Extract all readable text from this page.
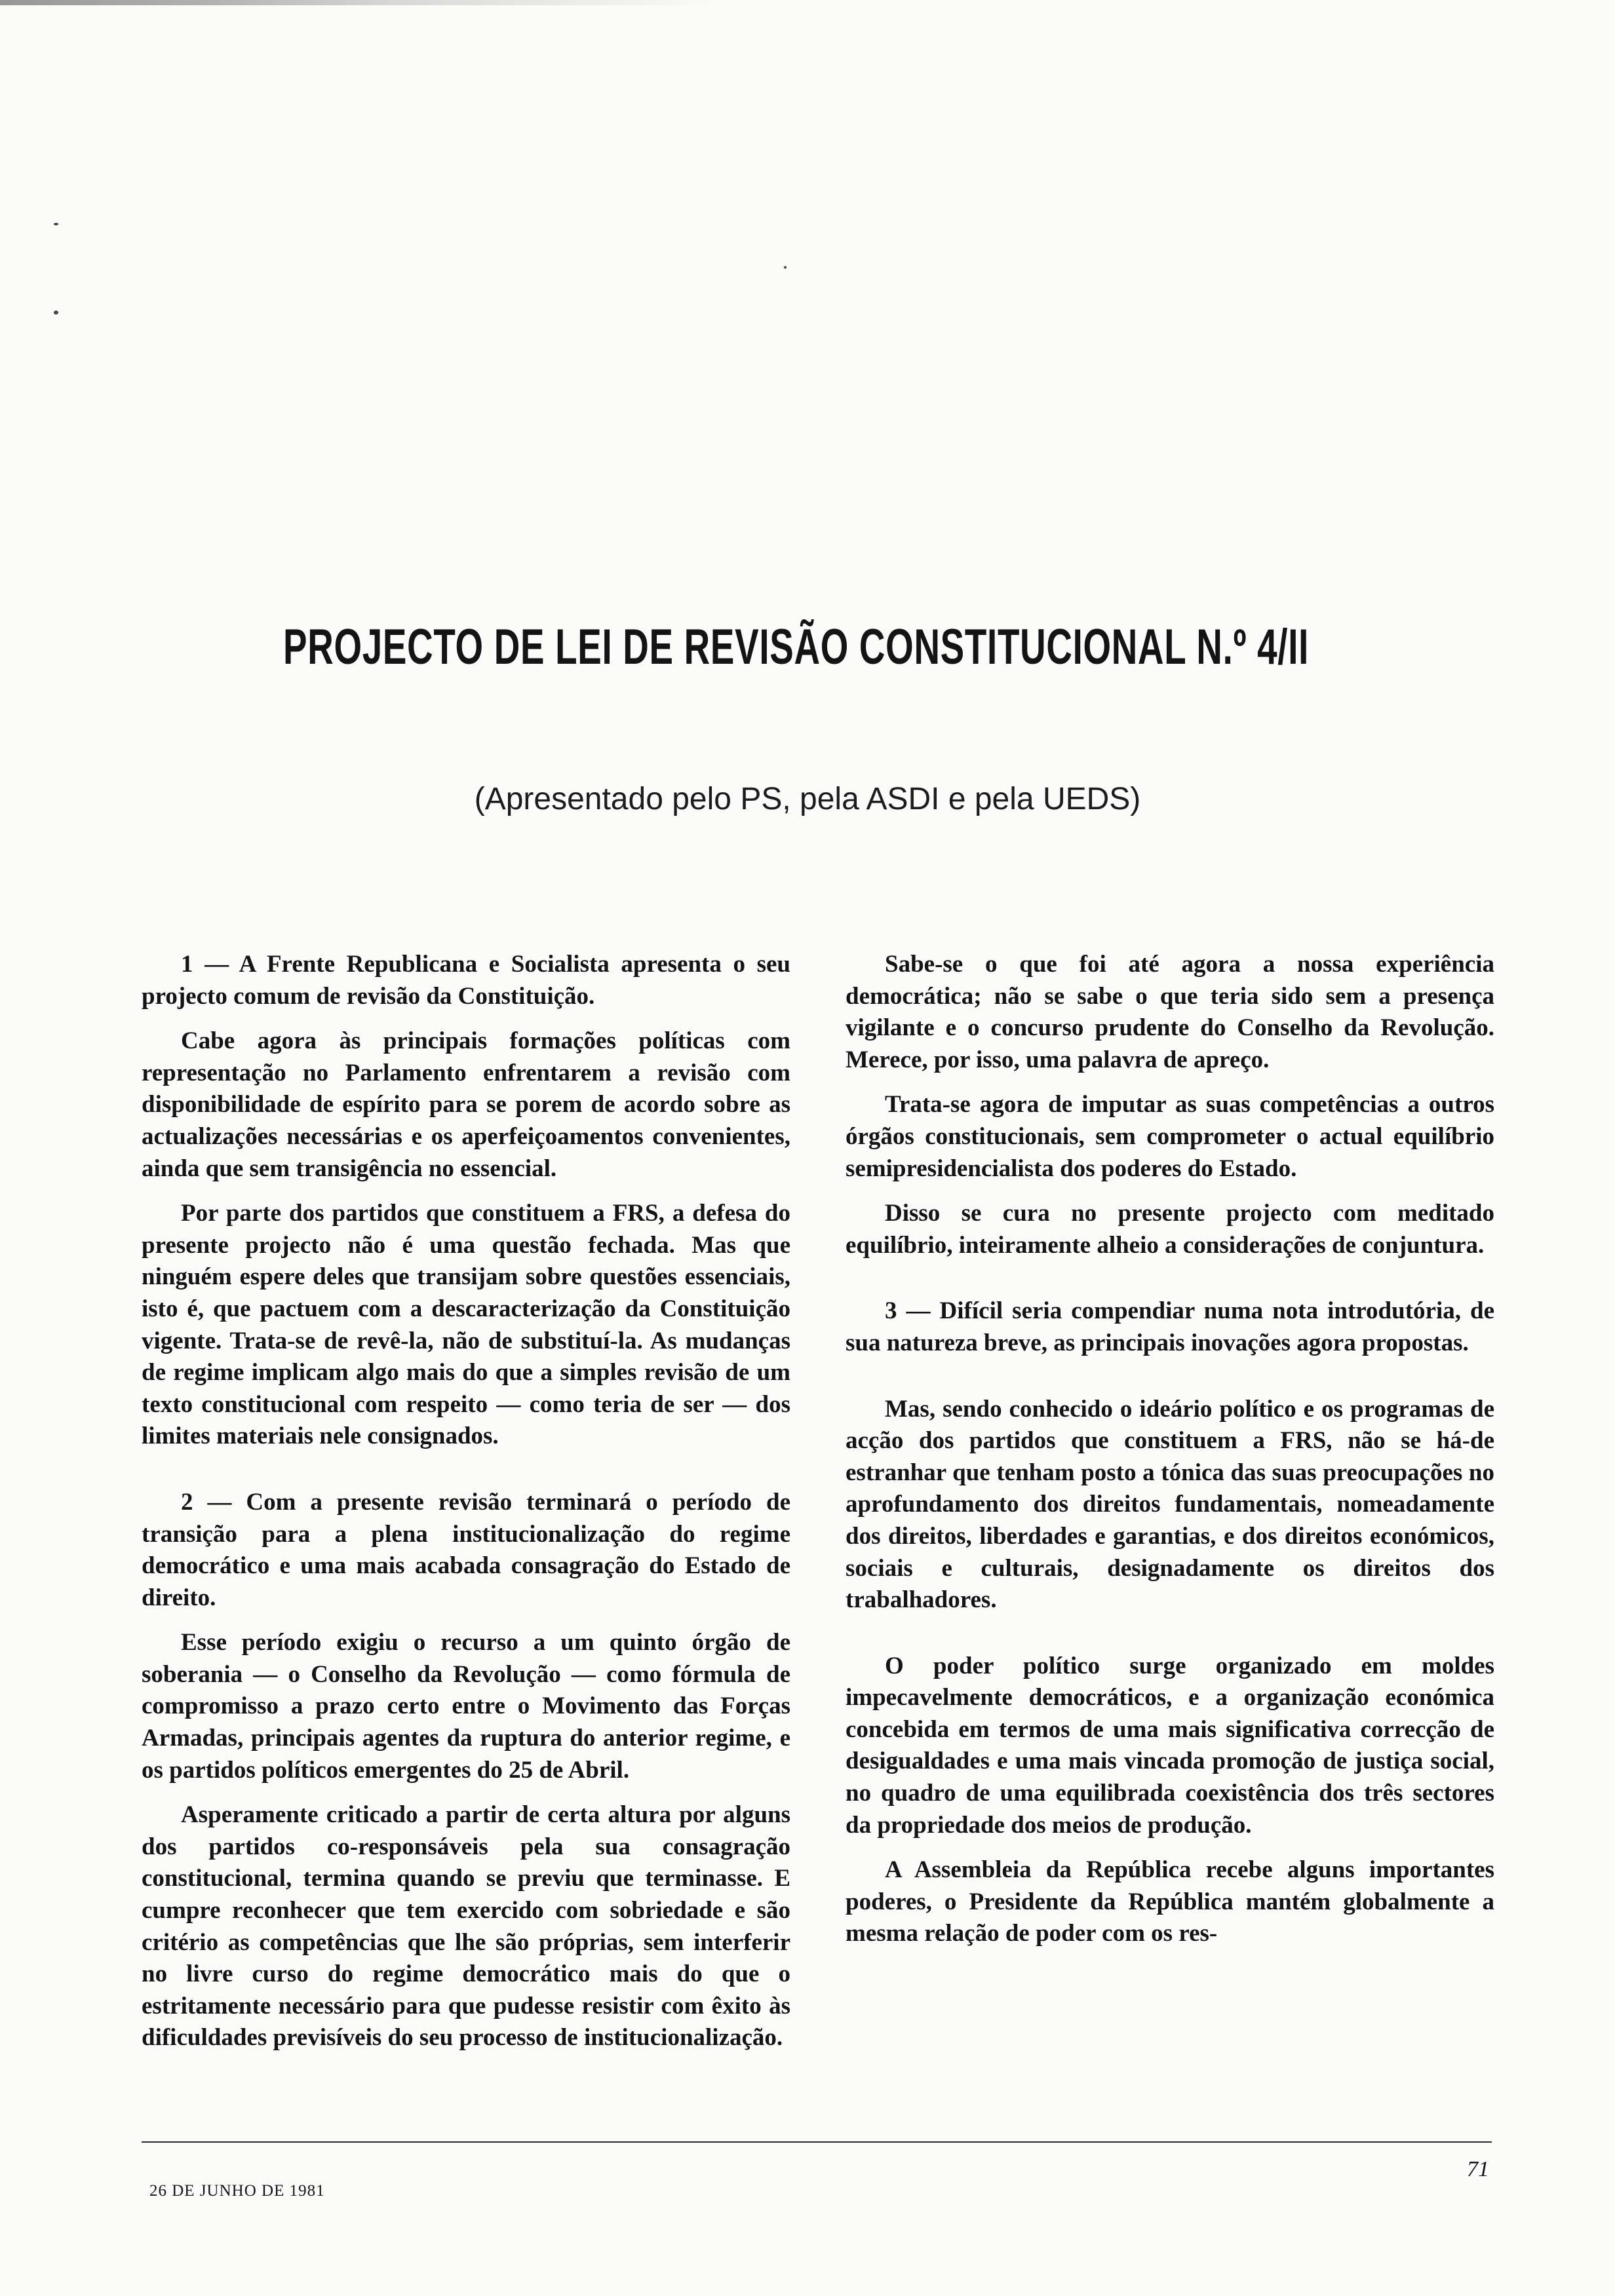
PROJECTO DE LEI DE REVISÃO CONSTITUCIONAL N.º 4/II
(Apresentado pelo PS, pela ASDI e pela UEDS)

1 — A Frente Republicana e Socialista apresenta o seu projecto comum de revisão da Constituição.

Cabe agora às principais formações políticas com representação no Parlamento enfrentarem a revisão com disponibilidade de espírito para se porem de acordo sobre as actualizações necessárias e os aperfeiçoamentos convenientes, ainda que sem transigência no essencial.

Por parte dos partidos que constituem a FRS, a defesa do presente projecto não é uma questão fechada. Mas que ninguém espere deles que transijam sobre questões essenciais, isto é, que pactuem com a descaracterização da Constituição vigente. Trata-se de revê-la, não de substituí-la. As mudanças de regime implicam algo mais do que a simples revisão de um texto constitucional com respeito — como teria de ser — dos limites materiais nele consignados.

2 — Com a presente revisão terminará o período de transição para a plena institucionalização do regime democrático e uma mais acabada consagração do Estado de direito.

Esse período exigiu o recurso a um quinto órgão de soberania — o Conselho da Revolução — como fórmula de compromisso a prazo certo entre o Movimento das Forças Armadas, principais agentes da ruptura do anterior regime, e os partidos políticos emergentes do 25 de Abril.

Asperamente criticado a partir de certa altura por alguns dos partidos co-responsáveis pela sua consagração constitucional, termina quando se previu que terminasse. E cumpre reconhecer que tem exercido com sobriedade e são critério as competências que lhe são próprias, sem interferir no livre curso do regime democrático mais do que o estritamente necessário para que pudesse resistir com êxito às dificuldades previsíveis do seu processo de institucionalização.

Sabe-se o que foi até agora a nossa experiência democrática; não se sabe o que teria sido sem a presença vigilante e o concurso prudente do Conselho da Revolução. Merece, por isso, uma palavra de apreço.

Trata-se agora de imputar as suas competências a outros órgãos constitucionais, sem comprometer o actual equilíbrio semipresidencialista dos poderes do Estado.

Disso se cura no presente projecto com meditado equilíbrio, inteiramente alheio a considerações de conjuntura.

3 — Difícil seria compendiar numa nota introdutória, de sua natureza breve, as principais inovações agora propostas.

Mas, sendo conhecido o ideário político e os programas de acção dos partidos que constituem a FRS, não se há-de estranhar que tenham posto a tónica das suas preocupações no aprofundamento dos direitos fundamentais, nomeadamente dos direitos, liberdades e garantias, e dos direitos económicos, sociais e culturais, designadamente os direitos dos trabalhadores.

O poder político surge organizado em moldes impecavelmente democráticos, e a organização económica concebida em termos de uma mais significativa correcção de desigualdades e uma mais vincada promoção de justiça social, no quadro de uma equilibrada coexistência dos três sectores da propriedade dos meios de produção.

A Assembleia da República recebe alguns importantes poderes, o Presidente da República mantém globalmente a mesma relação de poder com os res-

26 DE JUNHO DE 1981
71
